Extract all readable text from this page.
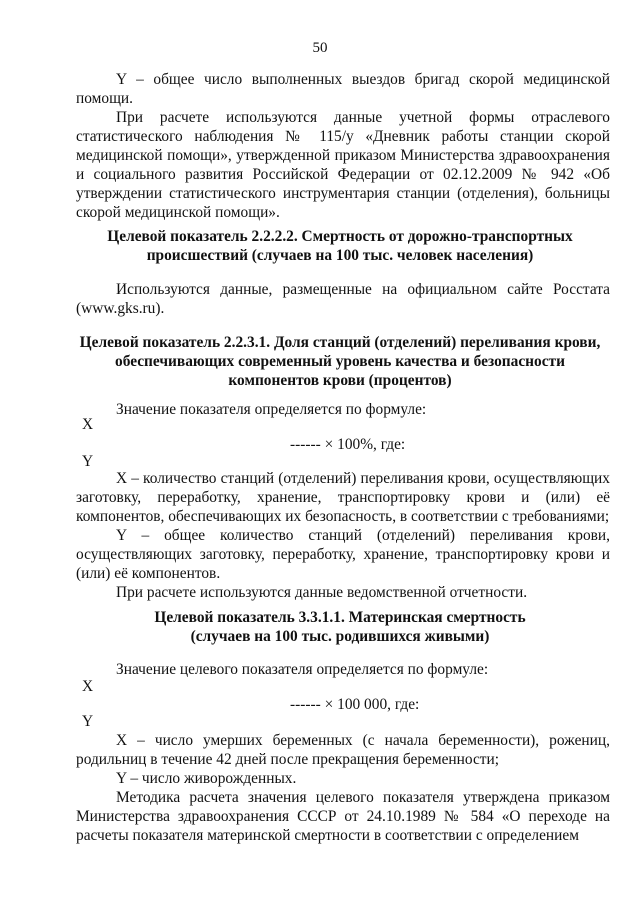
50

Y – общее число выполненных выездов бригад скорой медицинской помощи.

При расчете используются данные учетной формы отраслевого статистического наблюдения № 115/у «Дневник работы станции скорой медицинской помощи», утвержденной приказом Министерства здравоохранения и социального развития Российской Федерации от 02.12.2009 № 942 «Об утверждении статистического инструментария станции (отделения), больницы скорой медицинской помощи».

Целевой показатель 2.2.2.2. Смертность от дорожно-транспортных
происшествий (случаев на 100 тыс. человек населения)

Используются данные, размещенные на официальном сайте Росстата (www.gks.ru).

Целевой показатель 2.2.3.1. Доля станций (отделений) переливания крови,
обеспечивающих современный уровень качества и безопасности
компонентов крови (процентов)

Значение показателя определяется по формуле:

X
------ × 100%, где:
Y

X – количество станций (отделений) переливания крови, осуществляющих заготовку, переработку, хранение, транспортировку крови и (или) её компонентов, обеспечивающих их безопасность, в соответствии с требованиями;

Y – общее количество станций (отделений) переливания крови, осуществляющих заготовку, переработку, хранение, транспортировку крови и (или) её компонентов.

При расчете используются данные ведомственной отчетности.

Целевой показатель 3.3.1.1. Материнская смертность
(случаев на 100 тыс. родившихся живыми)

Значение целевого показателя определяется по формуле:

X
------ × 100 000, где:
Y

X – число умерших беременных (с начала беременности), рожениц, родильниц в течение 42 дней после прекращения беременности;

Y – число живорожденных.

Методика расчета значения целевого показателя утверждена приказом Министерства здравоохранения СССР от 24.10.1989 № 584 «О переходе на расчеты показателя материнской смертности в соответствии с определением
